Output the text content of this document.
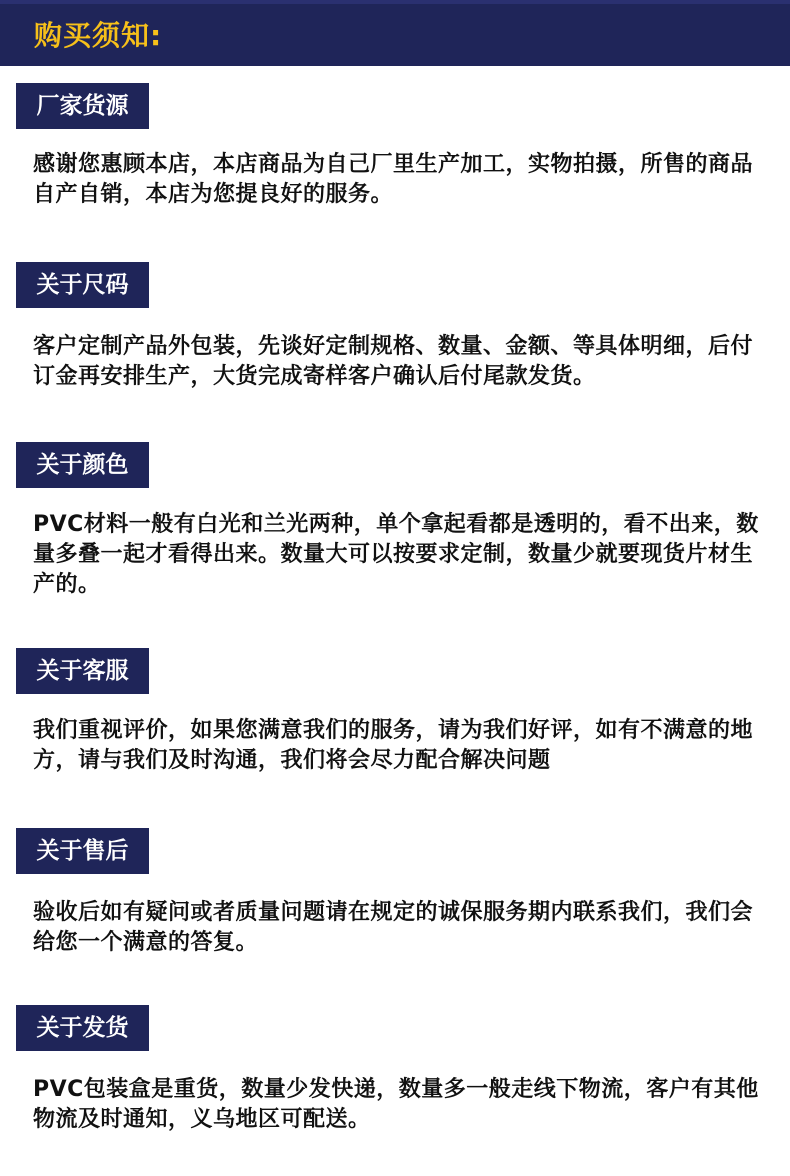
购买须知:
厂家货源
感谢您惠顾本店，本店商品为自己厂里生产加工，实物拍摄，所售的商品自产自销，本店为您提良好的服务。
关于尺码
客户定制产品外包装，先谈好定制规格、数量、金额、等具体明细，后付订金再安排生产，大货完成寄样客户确认后付尾款发货。
关于颜色
PVC材料一般有白光和兰光两种，单个拿起看都是透明的，看不出来，数量多叠一起才看得出来。数量大可以按要求定制，数量少就要现货片材生产的。
关于客服
我们重视评价，如果您满意我们的服务，请为我们好评，如有不满意的地方，请与我们及时沟通，我们将会尽力配合解决问题
关于售后
验收后如有疑问或者质量问题请在规定的诚保服务期内联系我们，我们会给您一个满意的答复。
关于发货
PVC包装盒是重货，数量少发快递，数量多一般走线下物流，客户有其他物流及时通知，义乌地区可配送。
